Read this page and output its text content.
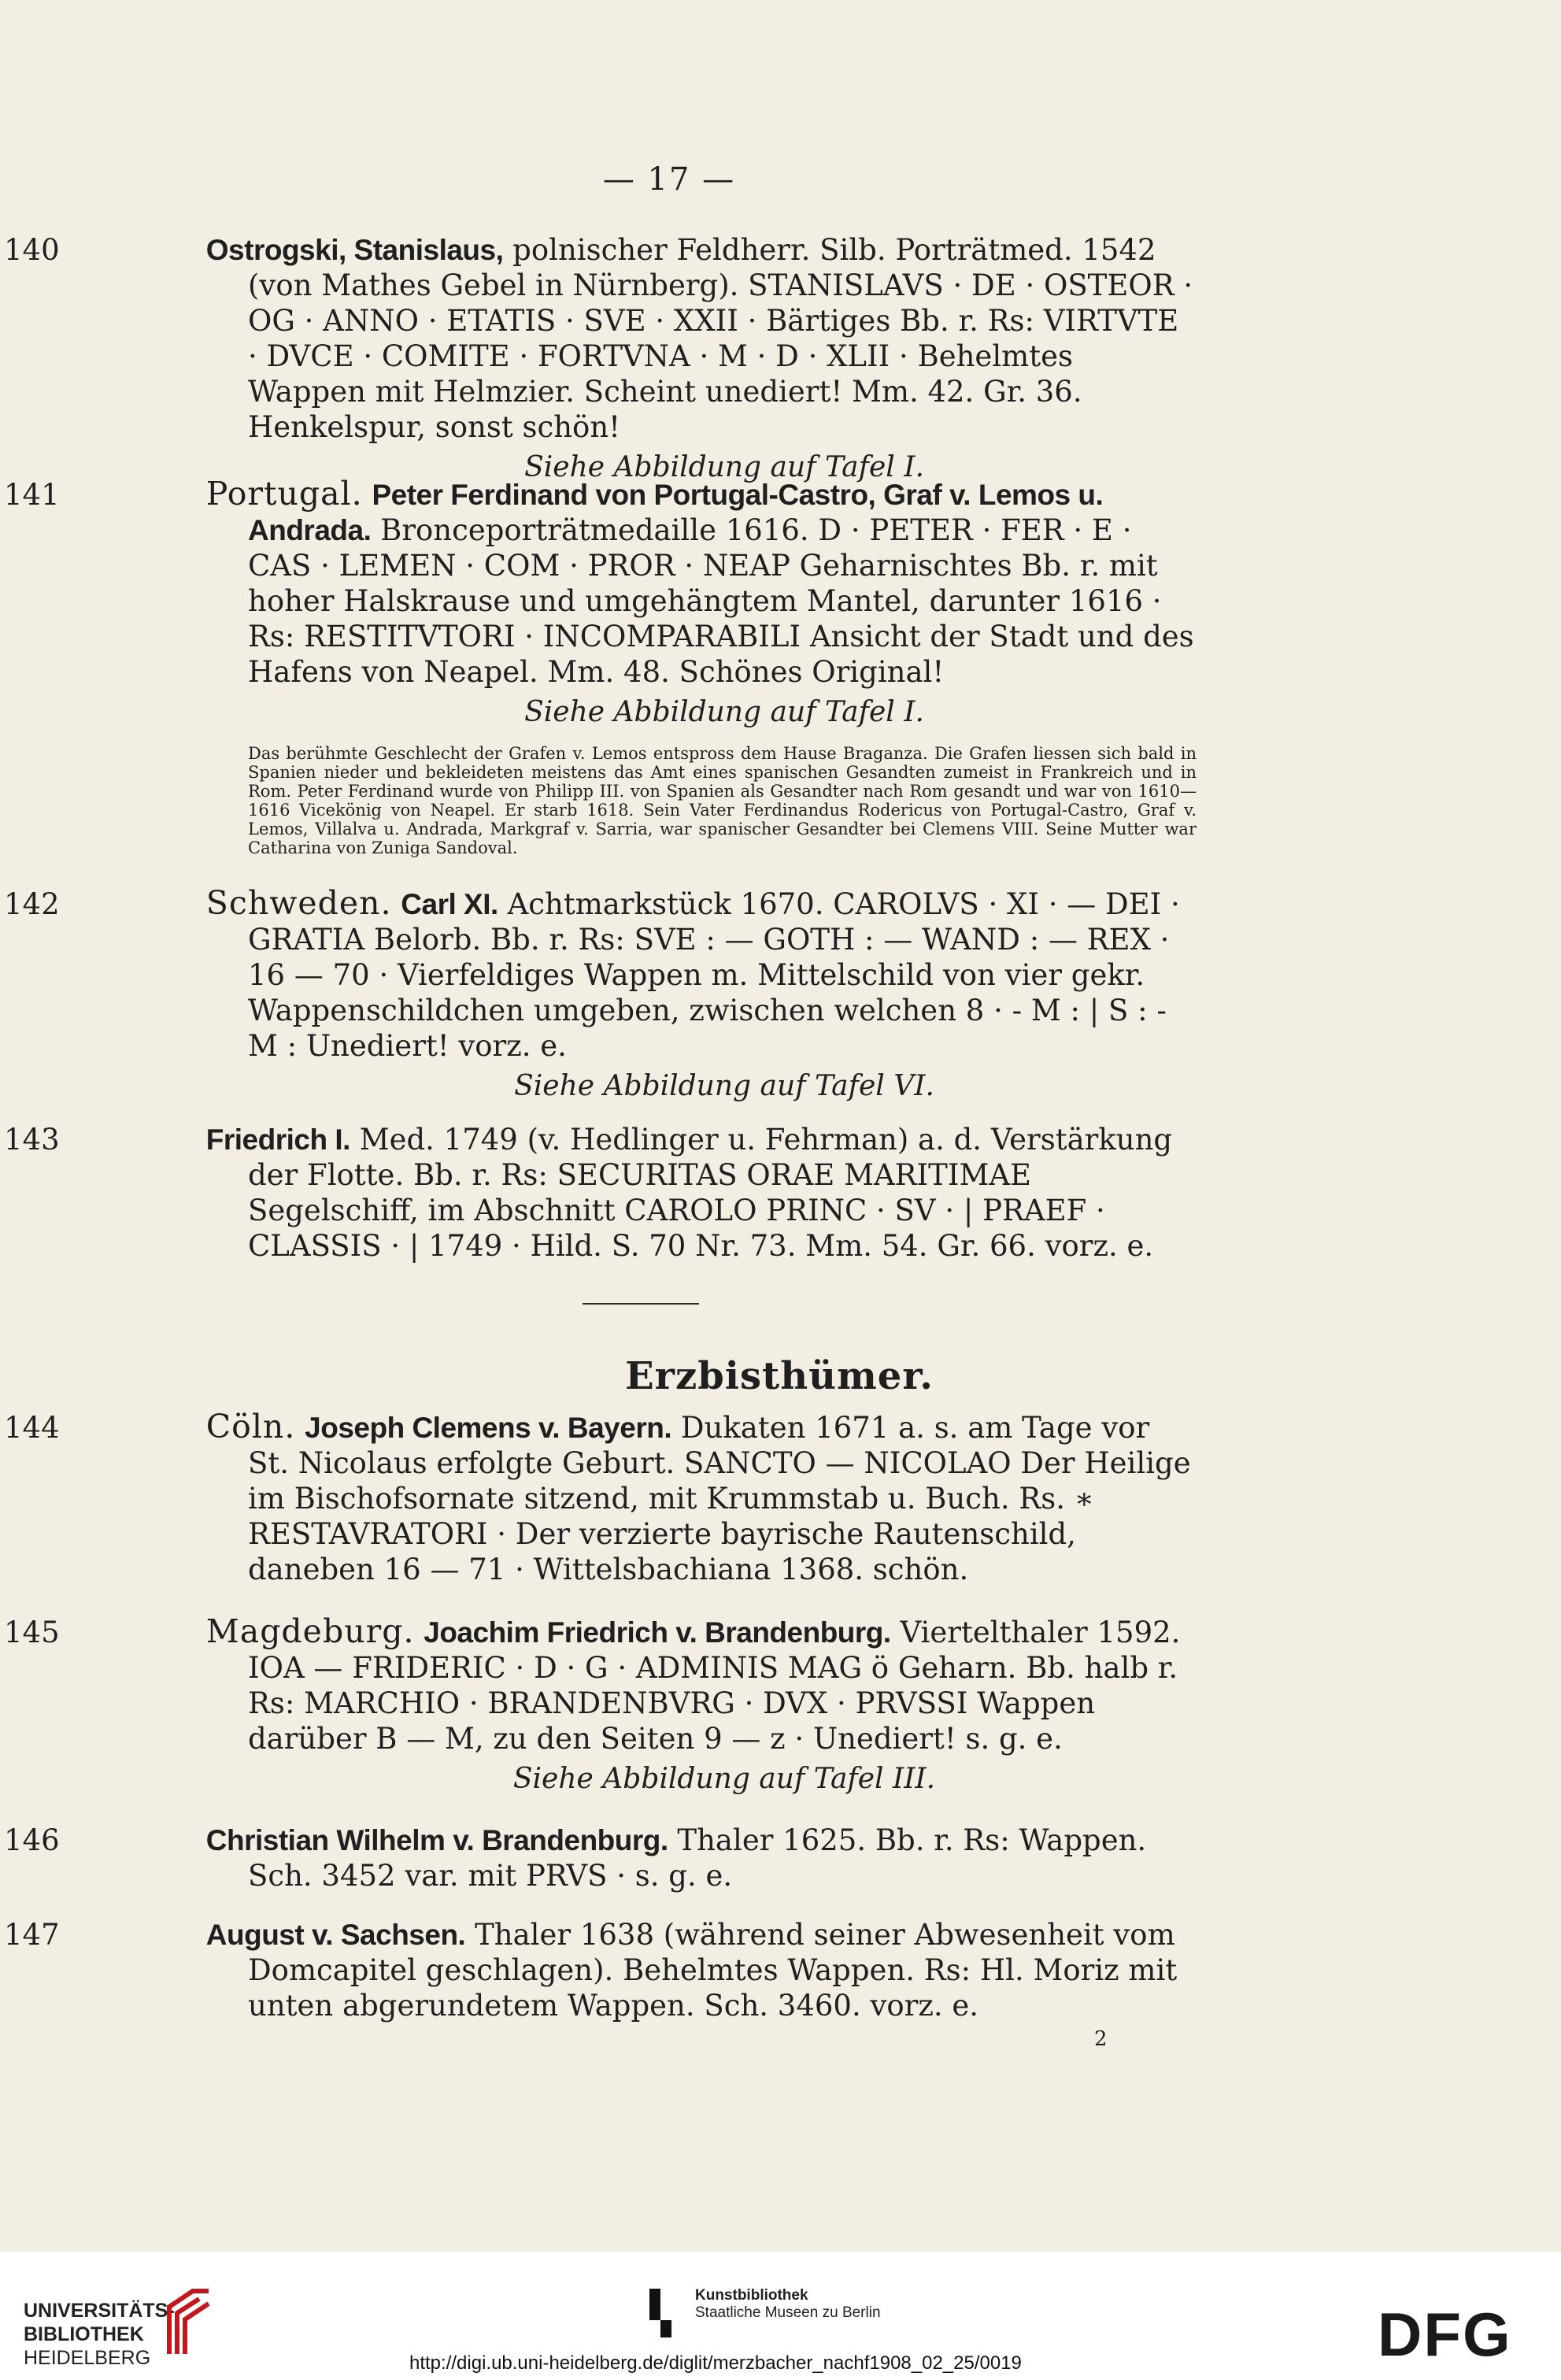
— 17 —

140	Ostrogski, Stanislaus, polnischer Feldherr. Silb. Porträtmed. 1542 (von Mathes Gebel in Nürnberg). STANISLAVS · DE · OSTEOR · OG · ANNO · ETATIS · SVE · XXII · Bärtiges Bb. r. Rs: VIRTVTE · DVCE · COMITE · FORTVNA · M · D · XLII · Behelmtes Wappen mit Helmzier. Scheint unediert! Mm. 42. Gr. 36. Henkelspur, sonst schön!

Siehe Abbildung auf Tafel I.

141	Portugal. Peter Ferdinand von Portugal-Castro, Graf v. Lemos u. Andrada. Bronceporträtmedaille 1616. D · PETER · FER · E · CAS · LEMEN · COM · PROR · NEAP Geharnischtes Bb. r. mit hoher Halskrause und umgehängtem Mantel, darunter 1616 · Rs: RESTITVTORI · INCOMPARABILI Ansicht der Stadt und des Hafens von Neapel. Mm. 48. Schönes Original!

Siehe Abbildung auf Tafel I.
Das berühmte Geschlecht der Grafen v. Lemos entspross dem Hause Braganza. Die Grafen liessen sich bald in Spanien nieder und bekleideten meistens das Amt eines spanischen Gesandten zumeist in Frankreich und in Rom. Peter Ferdinand wurde von Philipp III. von Spanien als Gesandter nach Rom gesandt und war von 1610—1616 Vicekönig von Neapel. Er starb 1618. Sein Vater Ferdinandus Rodericus von Portugal-Castro, Graf v. Lemos, Villalva u. Andrada, Markgraf v. Sarria, war spanischer Gesandter bei Clemens VIII. Seine Mutter war Catharina von Zuniga Sandoval.

142	Schweden. Carl XI. Achtmarkstück 1670. CAROLVS · XI · — DEI · GRATIA Belorb. Bb. r. Rs: SVE : — GOTH : — WAND : — REX · 16 — 70 · Vierfeldiges Wappen m. Mittelschild von vier gekr. Wappenschildchen umgeben, zwischen welchen 8 · - M : | S : - M : Unediert! vorz. e.

Siehe Abbildung auf Tafel VI.

143	Friedrich I. Med. 1749 (v. Hedlinger u. Fehrman) a. d. Verstärkung der Flotte. Bb. r. Rs: SECURITAS ORAE MARITIMAE Segelschiff, im Abschnitt CAROLO PRINC · SV · | PRAEF · CLASSIS · | 1749 · Hild. S. 70 Nr. 73. Mm. 54. Gr. 66. vorz. e.

Erzbisthümer.

144	Cöln. Joseph Clemens v. Bayern. Dukaten 1671 a. s. am Tage vor St. Nicolaus erfolgte Geburt. SANCTO — NICOLAO Der Heilige im Bischofsornate sitzend, mit Krummstab u. Buch. Rs. ∗ RESTAVRATORI · Der verzierte bayrische Rautenschild, daneben 16 — 71 · Wittelsbachiana 1368. schön.

145	Magdeburg. Joachim Friedrich v. Brandenburg. Viertelthaler 1592. IOA — FRIDERIC · D · G · ADMINIS MAG ö Geharn. Bb. halb r. Rs: MARCHIO · BRANDENBVRG · DVX · PRVSSI Wappen darüber B — M, zu den Seiten 9 — z · Unediert! s. g. e.

Siehe Abbildung auf Tafel III.

146	Christian Wilhelm v. Brandenburg. Thaler 1625. Bb. r. Rs: Wappen. Sch. 3452 var. mit PRVS · s. g. e.

147	August v. Sachsen. Thaler 1638 (während seiner Abwesenheit vom Domcapitel geschlagen). Behelmtes Wappen. Rs: Hl. Moriz mit unten abgerundetem Wappen. Sch. 3460. vorz. e.

2
UNIVERSITÄTS-
BIBLIOTHEK
HEIDELBERG
Kunstbibliothek
Staatliche Museen zu Berlin	DFG
http://digi.ub.uni-heidelberg.de/diglit/merzbacher_nachf1908_02_25/0019
